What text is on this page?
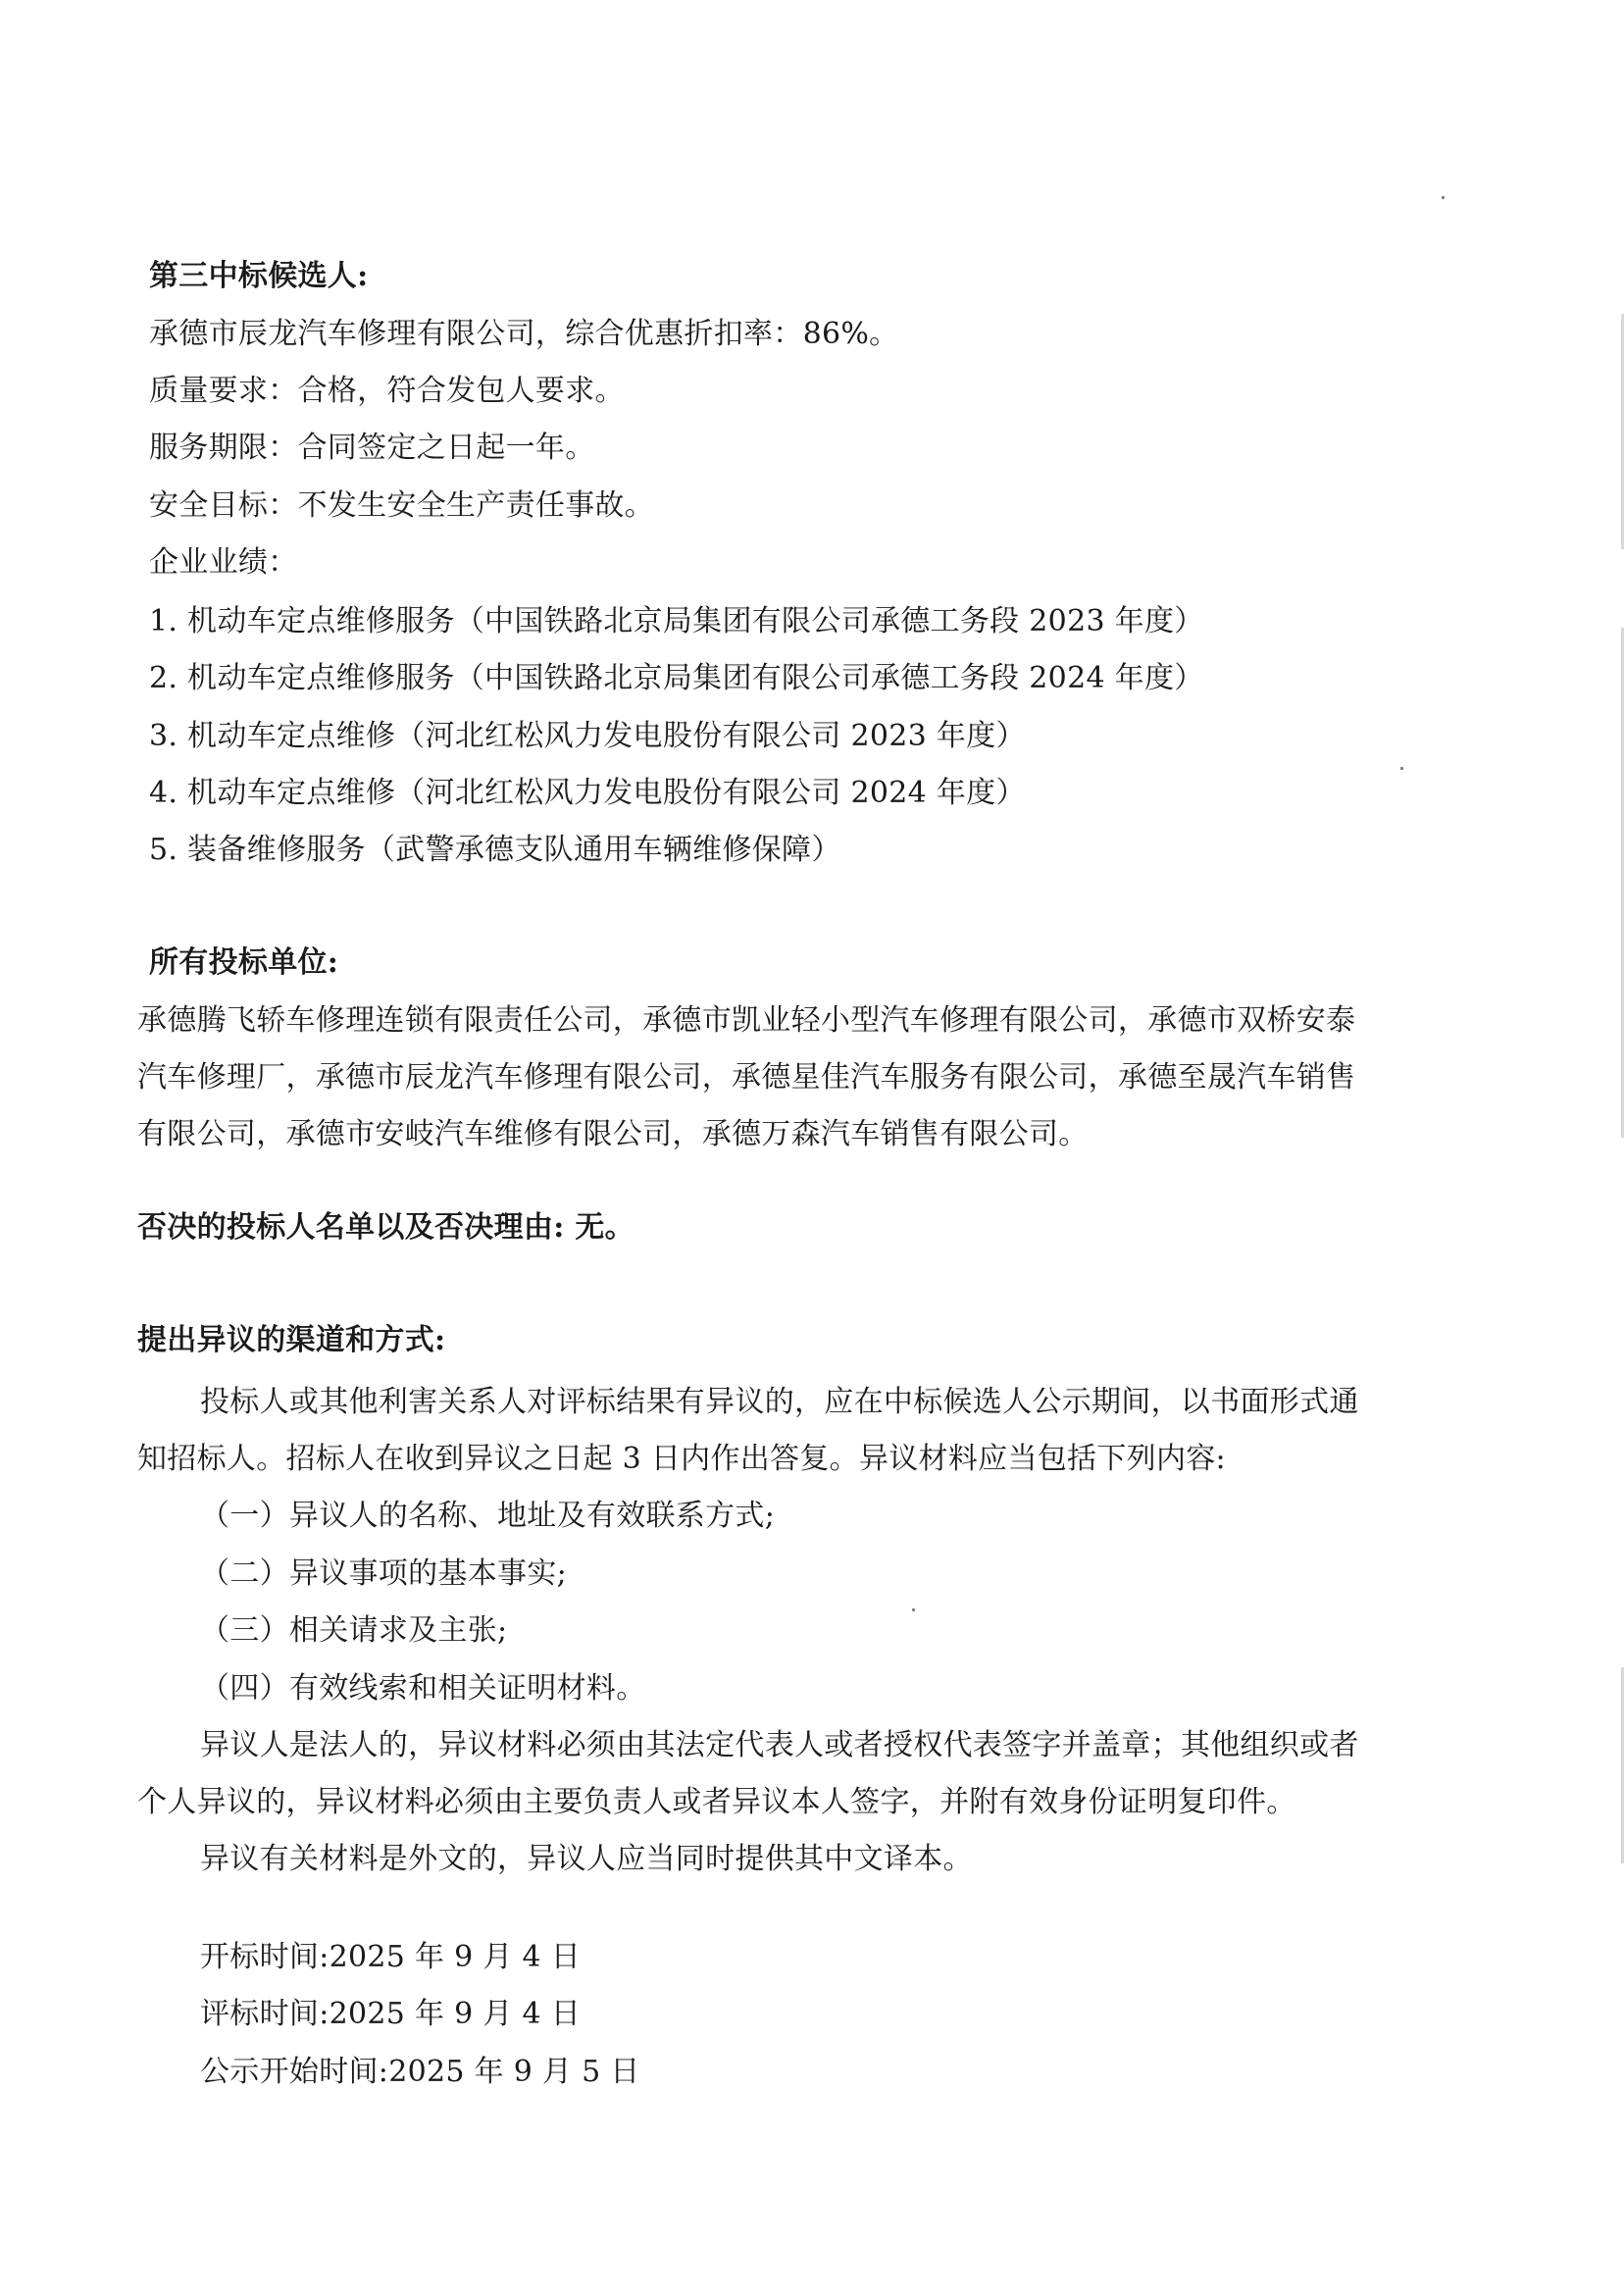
第三中标候选人:
承德市辰龙汽车修理有限公司，综合优惠折扣率：86%。
质量要求：合格，符合发包人要求。
服务期限：合同签定之日起一年。
安全目标：不发生安全生产责任事故。
企业业绩：
1. 机动车定点维修服务（中国铁路北京局集团有限公司承德工务段 2023 年度）
2. 机动车定点维修服务（中国铁路北京局集团有限公司承德工务段 2024 年度）
3. 机动车定点维修（河北红松风力发电股份有限公司 2023 年度）
4. 机动车定点维修（河北红松风力发电股份有限公司 2024 年度）
5. 装备维修服务（武警承德支队通用车辆维修保障）
所有投标单位:
承德腾飞轿车修理连锁有限责任公司，承德市凯业轻小型汽车修理有限公司，承德市双桥安泰
汽车修理厂，承德市辰龙汽车修理有限公司，承德星佳汽车服务有限公司，承德至晟汽车销售
有限公司，承德市安岐汽车维修有限公司，承德万森汽车销售有限公司。
否决的投标人名单以及否决理由: 无。
提出异议的渠道和方式:
投标人或其他利害关系人对评标结果有异议的，应在中标候选人公示期间，以书面形式通
知招标人。招标人在收到异议之日起 3 日内作出答复。异议材料应当包括下列内容:
（一）异议人的名称、地址及有效联系方式;
（二）异议事项的基本事实;
（三）相关请求及主张;
（四）有效线索和相关证明材料。
异议人是法人的，异议材料必须由其法定代表人或者授权代表签字并盖章；其他组织或者
个人异议的，异议材料必须由主要负责人或者异议本人签字，并附有效身份证明复印件。
异议有关材料是外文的，异议人应当同时提供其中文译本。
开标时间:2025 年 9 月 4 日
评标时间:2025 年 9 月 4 日
公示开始时间:2025 年 9 月 5 日
